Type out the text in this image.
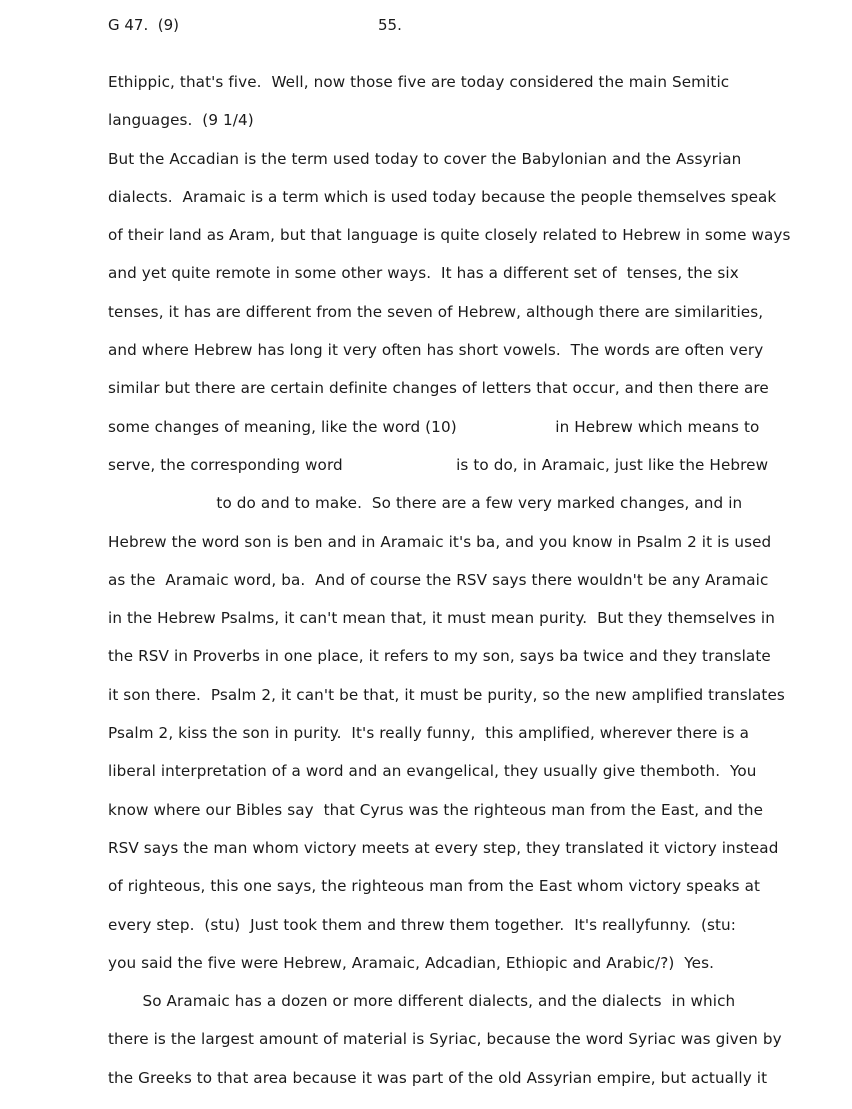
G 47.  (9)	55.
Ethippic, that's five.  Well, now those five are today considered the main Semitic
languages.  (9 1/4)
But the Accadian is the term used today to cover the Babylonian and the Assyrian
dialects.  Aramaic is a term which is used today because the people themselves speak
of their land as Aram, but that language is quite closely related to Hebrew in some ways
and yet quite remote in some other ways.  It has a different set of  tenses, the six
tenses, it has are different from the seven of Hebrew, although there are similarities,
and where Hebrew has long it very often has short vowels.  The words are often very
similar but there are certain definite changes of letters that occur, and then there are
some changes of meaning, like the word (10)                    in Hebrew which means to
serve, the corresponding word                       is to do, in Aramaic, just like the Hebrew
to do and to make.  So there are a few very marked changes, and in
Hebrew the word son is ben and in Aramaic it's ba, and you know in Psalm 2 it is used
as the  Aramaic word, ba.  And of course the RSV says there wouldn't be any Aramaic
in the Hebrew Psalms, it can't mean that, it must mean purity.  But they themselves in
the RSV in Proverbs in one place, it refers to my son, says ba twice and they translate
it son there.  Psalm 2, it can't be that, it must be purity, so the new amplified translates
Psalm 2, kiss the son in purity.  It's really funny,  this amplified, wherever there is a
liberal interpretation of a word and an evangelical, they usually give themboth.  You
know where our Bibles say  that Cyrus was the righteous man from the East, and the
RSV says the man whom victory meets at every step, they translated it victory instead
of righteous, this one says, the righteous man from the East whom victory speaks at
every step.  (stu)  Just took them and threw them together.  It's reallyfunny.  (stu:
you said the five were Hebrew, Aramaic, Adcadian, Ethiopic and Arabic/?)  Yes.
So Aramaic has a dozen or more different dialects, and the dialects  in which
there is the largest amount of material is Syriac, because the word Syriac was given by
the Greeks to that area because it was part of the old Assyrian empire, but actually it
